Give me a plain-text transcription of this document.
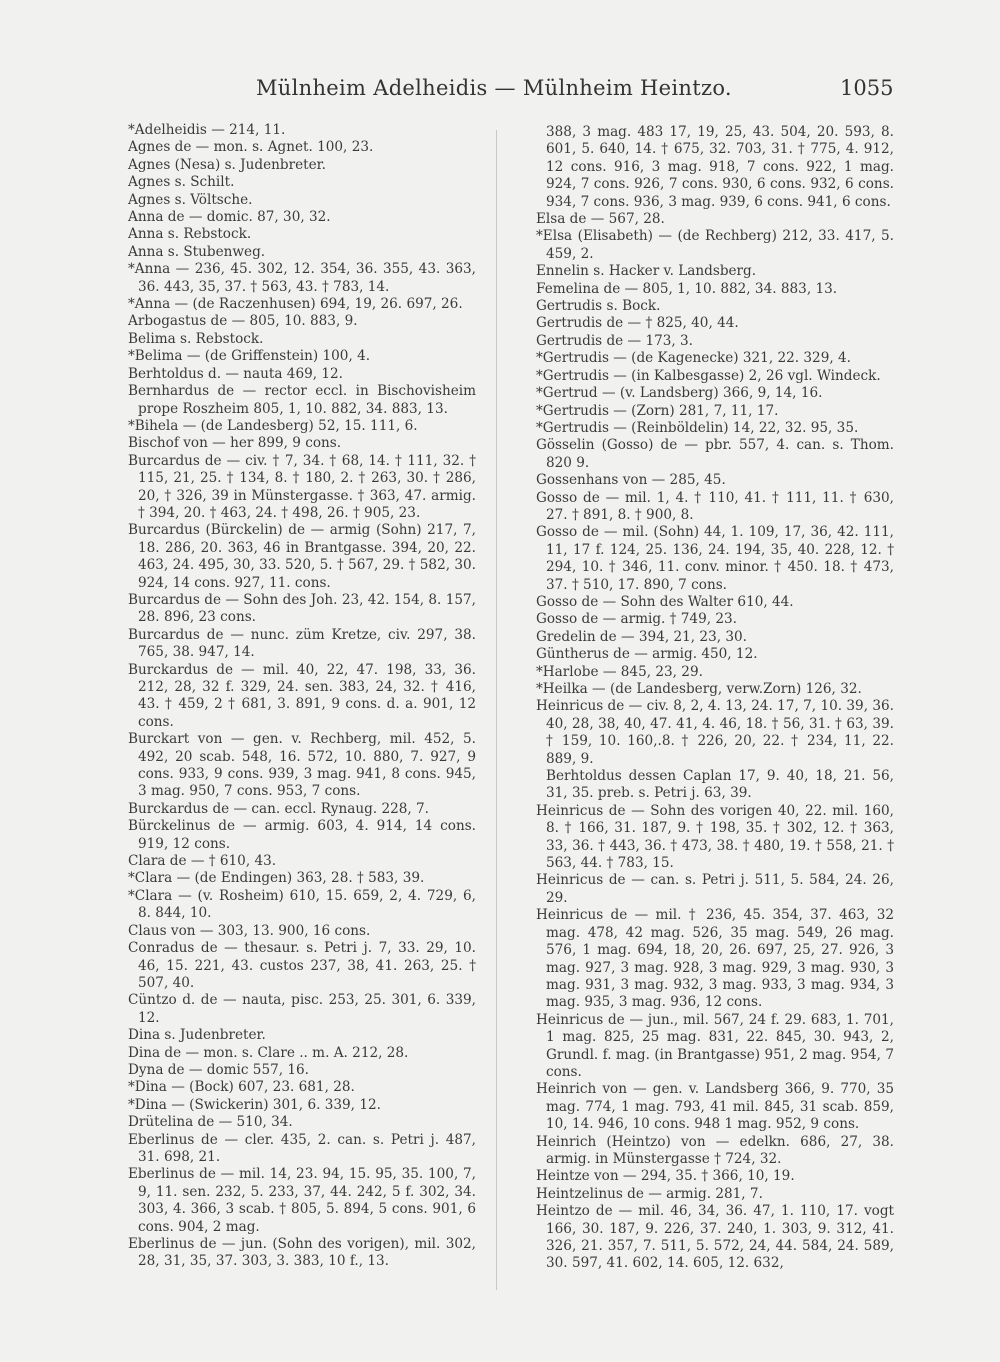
Mülnheim Adelheidis — Mülnheim Heintzo.	1055

*Adelheidis — 214, 11.

Agnes de — mon. s. Agnet. 100, 23.

Agnes (Nesa) s. Judenbreter.

Agnes s. Schilt.

Agnes s. Völtsche.

Anna de — domic. 87, 30, 32.

Anna s. Rebstock.

Anna s. Stubenweg.

*Anna — 236, 45. 302, 12. 354, 36. 355, 43. 363, 36. 443, 35, 37. † 563, 43. † 783, 14.

*Anna — (de Raczenhusen) 694, 19, 26. 697, 26.

Arbogastus de — 805, 10. 883, 9.

Belima s. Rebstock.

*Belima — (de Griffenstein) 100, 4.

Berhtoldus d. — nauta 469, 12.

Bernhardus de — rector eccl. in Bischovisheim prope Roszheim 805, 1, 10. 882, 34. 883, 13.

*Bihela — (de Landesberg) 52, 15. 111, 6.

Bischof von — her 899, 9 cons.

Burcardus de — civ. † 7, 34. † 68, 14. † 111, 32. † 115, 21, 25. † 134, 8. † 180, 2. † 263, 30. † 286, 20, † 326, 39 in Münstergasse. † 363, 47. armig. † 394, 20. † 463, 24. † 498, 26. † 905, 23.

Burcardus (Bürckelin) de — armig (Sohn) 217, 7, 18. 286, 20. 363, 46 in Brantgasse. 394, 20, 22. 463, 24. 495, 30, 33. 520, 5. † 567, 29. † 582, 30. 924, 14 cons. 927, 11. cons.

Burcardus de — Sohn des Joh. 23, 42. 154, 8. 157, 28. 896, 23 cons.

Burcardus de — nunc. züm Kretze, civ. 297, 38. 765, 38. 947, 14.

Burckardus de — mil. 40, 22, 47. 198, 33, 36. 212, 28, 32 f. 329, 24. sen. 383, 24, 32. † 416, 43. † 459, 2 † 681, 3. 891, 9 cons. d. a. 901, 12 cons.

Burckart von — gen. v. Rechberg, mil. 452, 5. 492, 20 scab. 548, 16. 572, 10. 880, 7. 927, 9 cons. 933, 9 cons. 939, 3 mag. 941, 8 cons. 945, 3 mag. 950, 7 cons. 953, 7 cons.

Burckardus de — can. eccl. Rynaug. 228, 7.

Bürckelinus de — armig. 603, 4. 914, 14 cons. 919, 12 cons.

Clara de — † 610, 43.

*Clara — (de Endingen) 363, 28. † 583, 39.

*Clara — (v. Rosheim) 610, 15. 659, 2, 4. 729, 6, 8. 844, 10.

Claus von — 303, 13. 900, 16 cons.

Conradus de — thesaur. s. Petri j. 7, 33. 29, 10. 46, 15. 221, 43. custos 237, 38, 41. 263, 25. † 507, 40.

Cüntzo d. de — nauta, pisc. 253, 25. 301, 6. 339, 12.

Dina s. Judenbreter.

Dina de — mon. s. Clare .. m. A. 212, 28.

Dyna de — domic 557, 16.

*Dina — (Bock) 607, 23. 681, 28.

*Dina — (Swickerin) 301, 6. 339, 12.

Drütelina de — 510, 34.

Eberlinus de — cler. 435, 2. can. s. Petri j. 487, 31. 698, 21.

Eberlinus de — mil. 14, 23. 94, 15. 95, 35. 100, 7, 9, 11. sen. 232, 5. 233, 37, 44. 242, 5 f. 302, 34. 303, 4. 366, 3 scab. † 805, 5. 894, 5 cons. 901, 6 cons. 904, 2 mag.

Eberlinus de — jun. (Sohn des vorigen), mil. 302, 28, 31, 35, 37. 303, 3. 383, 10 f., 13.

388, 3 mag. 483 17, 19, 25, 43. 504, 20. 593, 8. 601, 5. 640, 14. † 675, 32. 703, 31. † 775, 4. 912, 12 cons. 916, 3 mag. 918, 7 cons. 922, 1 mag. 924, 7 cons. 926, 7 cons. 930, 6 cons. 932, 6 cons. 934, 7 cons. 936, 3 mag. 939, 6 cons. 941, 6 cons.

Elsa de — 567, 28.

*Elsa (Elisabeth) — (de Rechberg) 212, 33. 417, 5. 459, 2.

Ennelin s. Hacker v. Landsberg.

Femelina de — 805, 1, 10. 882, 34. 883, 13.

Gertrudis s. Bock.

Gertrudis de — † 825, 40, 44.

Gertrudis de — 173, 3.

*Gertrudis — (de Kagenecke) 321, 22. 329, 4.

*Gertrudis — (in Kalbesgasse) 2, 26 vgl. Windeck.

*Gertrud — (v. Landsberg) 366, 9, 14, 16.

*Gertrudis — (Zorn) 281, 7, 11, 17.

*Gertrudis — (Reinböldelin) 14, 22, 32. 95, 35.

Gösselin (Gosso) de — pbr. 557, 4. can. s. Thom. 820 9.

Gossenhans von — 285, 45.

Gosso de — mil. 1, 4. † 110, 41. † 111, 11. † 630, 27. † 891, 8. † 900, 8.

Gosso de — mil. (Sohn) 44, 1. 109, 17, 36, 42. 111, 11, 17 f. 124, 25. 136, 24. 194, 35, 40. 228, 12. † 294, 10. † 346, 11. conv. minor. † 450. 18. † 473, 37. † 510, 17. 890, 7 cons.

Gosso de — Sohn des Walter 610, 44.

Gosso de — armig. † 749, 23.

Gredelin de — 394, 21, 23, 30.

Güntherus de — armig. 450, 12.

*Harlobe — 845, 23, 29.

*Heilka — (de Landesberg, verw.Zorn) 126, 32.

Heinricus de — civ. 8, 2, 4. 13, 24. 17, 7, 10. 39, 36. 40, 28, 38, 40, 47. 41, 4. 46, 18. † 56, 31. † 63, 39. † 159, 10. 160,.8. † 226, 20, 22. † 234, 11, 22. 889, 9.

Berhtoldus dessen Caplan 17, 9. 40, 18, 21. 56, 31, 35. preb. s. Petri j. 63, 39.

Heinricus de — Sohn des vorigen 40, 22. mil. 160, 8. † 166, 31. 187, 9. † 198, 35. † 302, 12. † 363, 33, 36. † 443, 36. † 473, 38. † 480, 19. † 558, 21. † 563, 44. † 783, 15.

Heinricus de — can. s. Petri j. 511, 5. 584, 24. 26, 29.

Heinricus de — mil. † 236, 45. 354, 37. 463, 32 mag. 478, 42 mag. 526, 35 mag. 549, 26 mag. 576, 1 mag. 694, 18, 20, 26. 697, 25, 27. 926, 3 mag. 927, 3 mag. 928, 3 mag. 929, 3 mag. 930, 3 mag. 931, 3 mag. 932, 3 mag. 933, 3 mag. 934, 3 mag. 935, 3 mag. 936, 12 cons.

Heinricus de — jun., mil. 567, 24 f. 29. 683, 1. 701, 1 mag. 825, 25 mag. 831, 22. 845, 30. 943, 2, Grundl. f. mag. (in Brantgasse) 951, 2 mag. 954, 7 cons.

Heinrich von — gen. v. Landsberg 366, 9. 770, 35 mag. 774, 1 mag. 793, 41 mil. 845, 31 scab. 859, 10, 14. 946, 10 cons. 948 1 mag. 952, 9 cons.

Heinrich (Heintzo) von — edelkn. 686, 27, 38. armig. in Münstergasse † 724, 32.

Heintze von — 294, 35. † 366, 10, 19.

Heintzelinus de — armig. 281, 7.

Heintzo de — mil. 46, 34, 36. 47, 1. 110, 17. vogt 166, 30. 187, 9. 226, 37. 240, 1. 303, 9. 312, 41. 326, 21. 357, 7. 511, 5. 572, 24, 44. 584, 24. 589, 30. 597, 41. 602, 14. 605, 12. 632,
